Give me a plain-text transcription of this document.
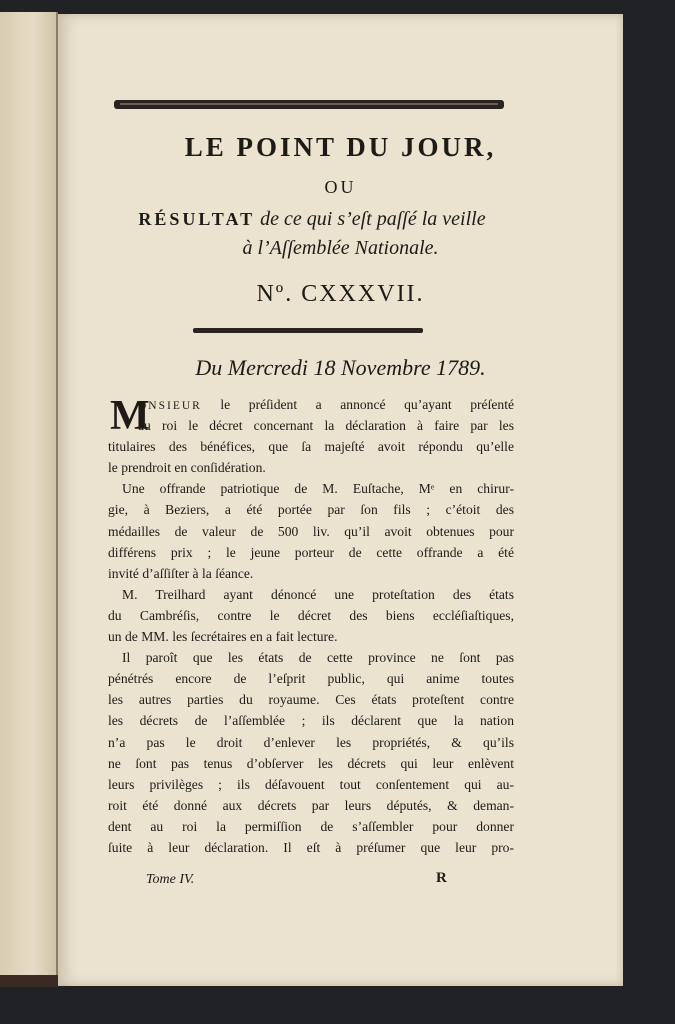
LE POINT DU JOUR,
OU
RÉSULTAT de ce qui s’eſt paſſé la veille
à l’Aſſemblée Nationale.
Nº. CXXXVII.
Du Mercredi 18 Novembre 1789.
M
ONSIEUR le préſident a annoncé qu’ayant préſenté
au roi le décret concernant la déclaration à faire par les
titulaires des bénéfices, que ſa majeſté avoit répondu qu’elle
le prendroit en conſidération.
Une offrande patriotique de M. Euſtache, Mᵉ en chirur-
gie, à Beziers, a été portée par ſon fils ; c’étoit des
médailles de valeur de 500 liv. qu’il avoit obtenues pour
différens prix ; le jeune porteur de cette offrande a été
invité d’aſſiſter à la ſéance.
M. Treilhard ayant dénoncé une proteſtation des états
du Cambréſis, contre le décret des biens eccléſiaſtiques,
un de MM. les ſecrétaires en a fait lecture.
Il paroît que les états de cette province ne ſont pas
pénétrés encore de l’eſprit public, qui anime toutes
les autres parties du royaume. Ces états proteſtent contre
les décrets de l’aſſemblée ; ils déclarent que la nation
n’a pas le droit d’enlever les propriétés, & qu’ils
ne ſont pas tenus d’obſerver les décrets qui leur enlèvent
leurs privilèges ; ils déſavouent tout conſentement qui au-
roit été donné aux décrets par leurs députés, & deman-
dent au roi la permiſſion de s’aſſembler pour donner
ſuite à leur déclaration. Il eſt à préſumer que leur pro-
Tome IV.	R
